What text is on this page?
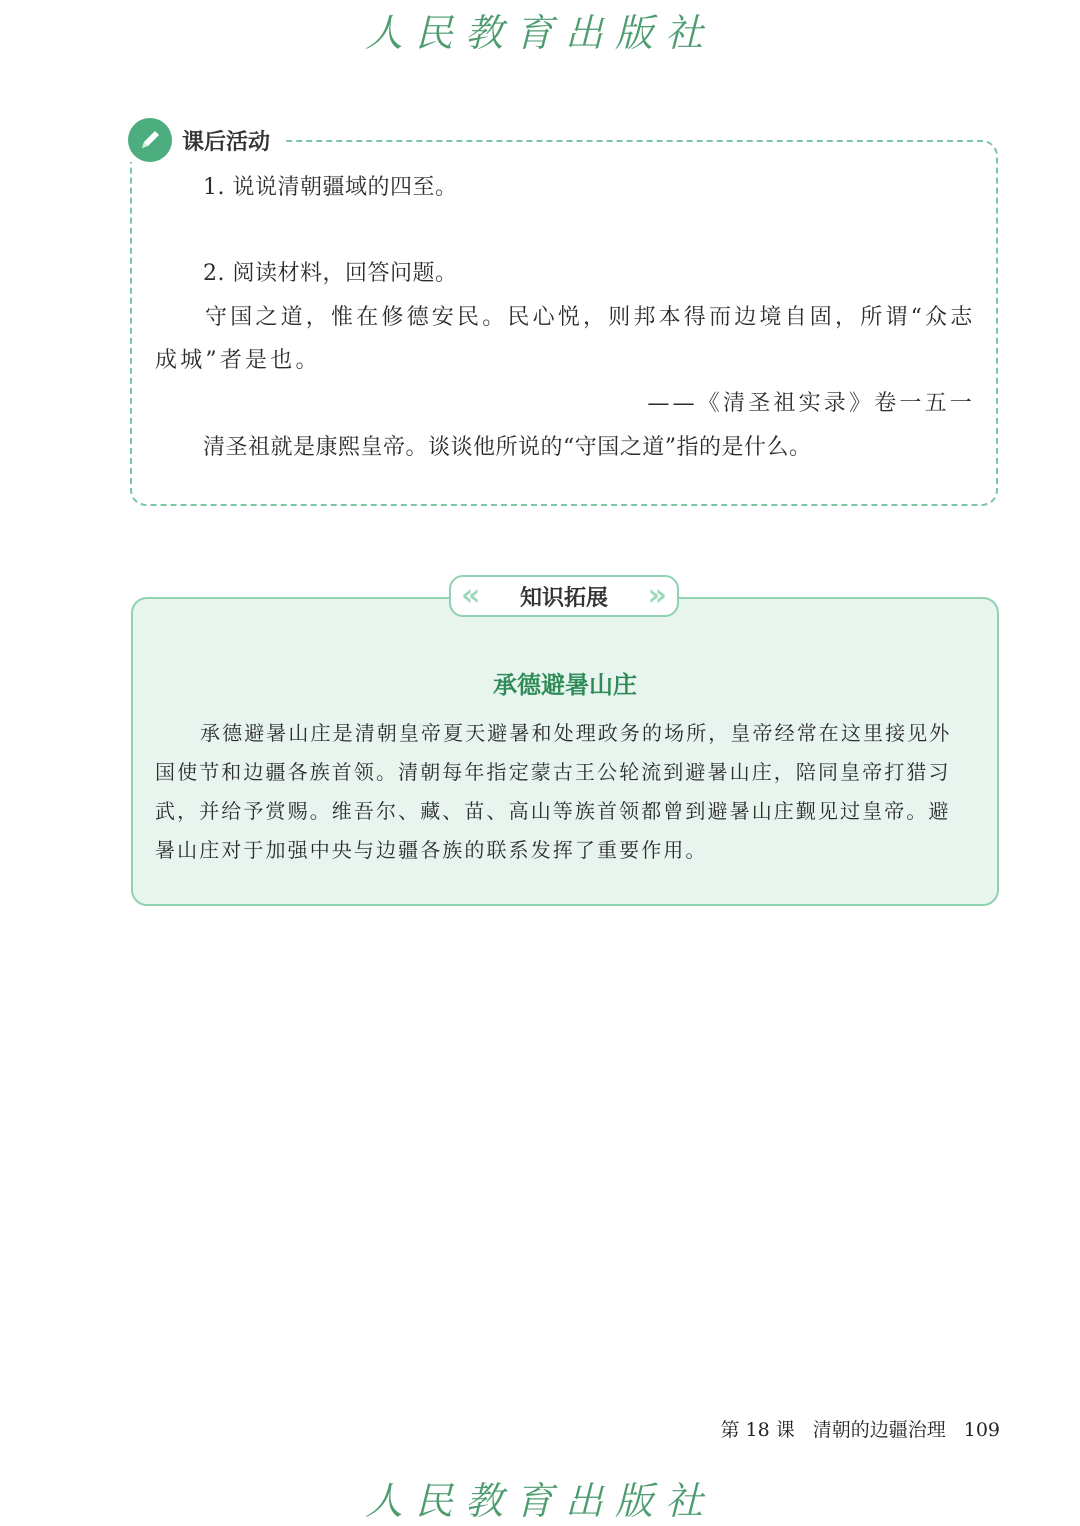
人民教育出版社
课后活动
1. 说说清朝疆域的四至。
2. 阅读材料，回答问题。
守国之道，惟在修德安民。民心悦，则邦本得而边境自固，所谓“众志
成城”者是也。
——《清圣祖实录》卷一五一
清圣祖就是康熙皇帝。谈谈他所说的“守国之道”指的是什么。
« 知识拓展 »
承德避暑山庄
承德避暑山庄是清朝皇帝夏天避暑和处理政务的场所，皇帝经常在这里接见外
国使节和边疆各族首领。清朝每年指定蒙古王公轮流到避暑山庄，陪同皇帝打猎习
武，并给予赏赐。维吾尔、藏、苗、高山等族首领都曾到避暑山庄觐见过皇帝。避
暑山庄对于加强中央与边疆各族的联系发挥了重要作用。
第 18 课 清朝的边疆治理 109
人民教育出版社
